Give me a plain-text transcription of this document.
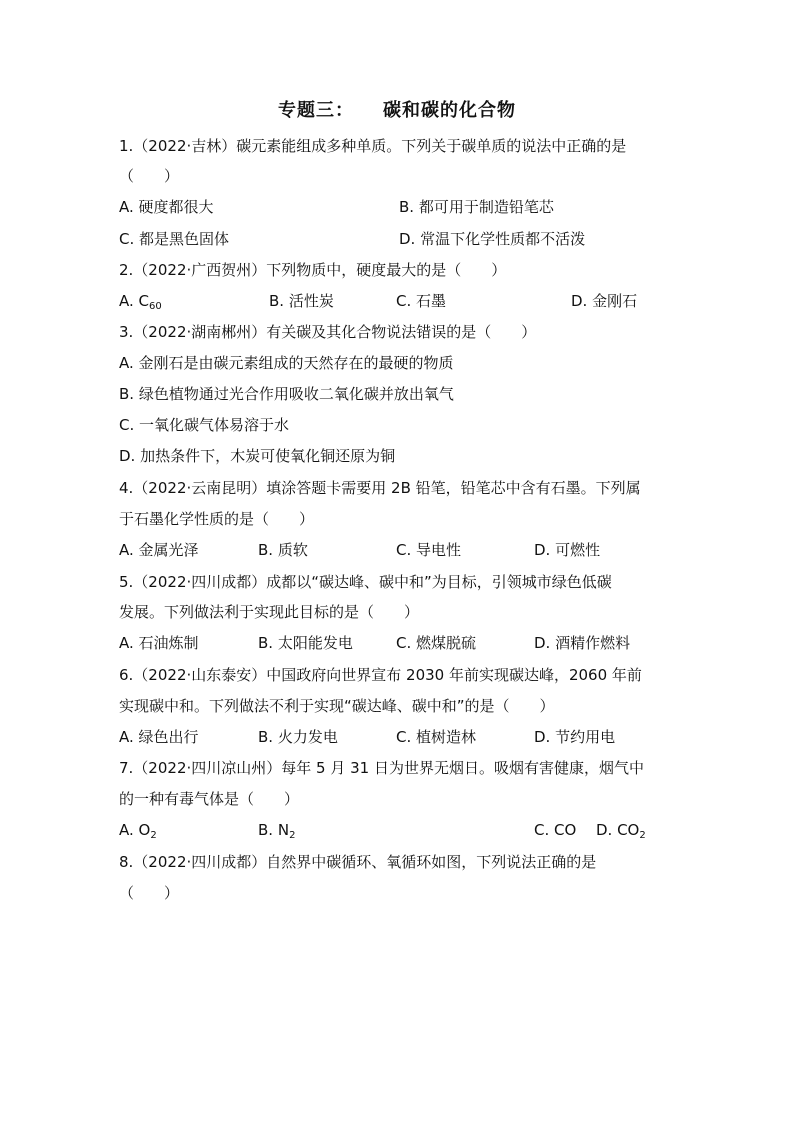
专题三：    碳和碳的化合物
1.（2022·吉林）碳元素能组成多种单质。下列关于碳单质的说法中正确的是
（　　）
A. 硬度都很大	B. 都可用于制造铅笔芯
C. 都是黑色固体	D. 常温下化学性质都不活泼
2.（2022·广西贺州）下列物质中，硬度最大的是（　　）
A. $C_{60}$	B. 活性炭	C. 石墨	D. 金刚石
3.（2022·湖南郴州）有关碳及其化合物说法错误的是（　　）
A. 金刚石是由碳元素组成的天然存在的最硬的物质
B. 绿色植物通过光合作用吸收二氧化碳并放出氧气
C. 一氧化碳气体易溶于水
D. 加热条件下，木炭可使氧化铜还原为铜
4.（2022·云南昆明）填涂答题卡需要用 2B 铅笔，铅笔芯中含有石墨。下列属
于石墨化学性质的是（　　）
A. 金属光泽	B. 质软	C. 导电性	D. 可燃性
5.（2022·四川成都）成都以“碳达峰、碳中和”为目标，引领城市绿色低碳
发展。下列做法利于实现此目标的是（　　）
A. 石油炼制	B. 太阳能发电	C. 燃煤脱硫	D. 酒精作燃料
6.（2022·山东泰安）中国政府向世界宣布 2030 年前实现碳达峰，2060 年前
实现碳中和。下列做法不利于实现“碳达峰、碳中和”的是（　　）
A. 绿色出行	B. 火力发电	C. 植树造林	D. 节约用电
7.（2022·四川凉山州）每年 5 月 31 日为世界无烟日。吸烟有害健康，烟气中
的一种有毒气体是（　　）
A. $O_2$	B. $N_2$	C. CO D. $CO_2$
8.（2022·四川成都）自然界中碳循环、氧循环如图，下列说法正确的是
（　　）
